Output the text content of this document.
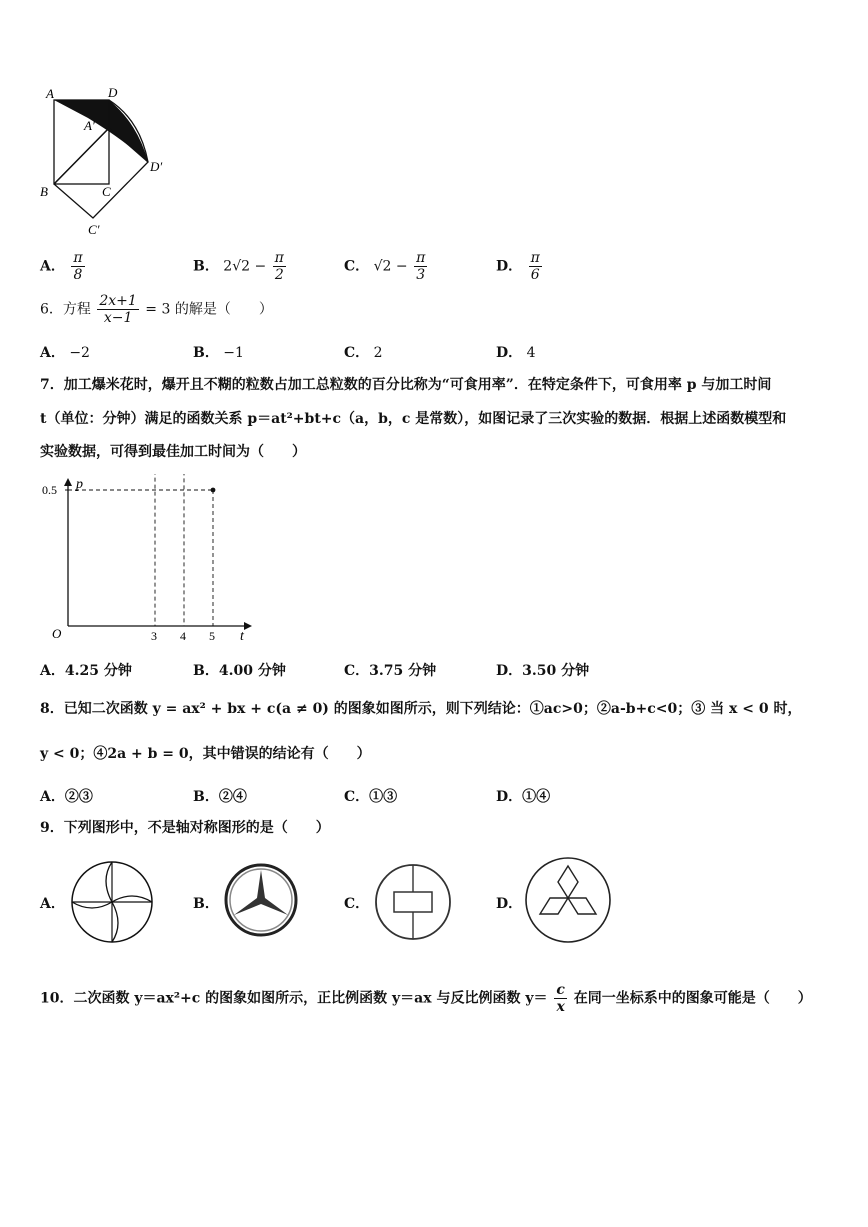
A	D
A′
D′
B	C
C′
A． $\frac{\pi}{8}$	B． $2√2 - \frac{\pi}{2}$	C． $√2 - \frac{\pi}{3}$	D． $\frac{\pi}{6}$
6．方程 $\frac{2x+1}{x-1} = 3$ 的解是（　　）
A． −2	B． −1	C． 2	D． 4
7．加工爆米花时，爆开且不糊的粒数占加工总粒数的百分比称为“可食用率”．在特定条件下，可食用率 p 与加工时间
t（单位：分钟）满足的函数关系 p＝at²+bt+c（a，b，c 是常数），如图记录了三次实验的数据．根据上述函数模型和
实验数据，可得到最佳加工时间为（　　）
t
p
O	3 4 5
0.5
A．4.25 分钟	B．4.00 分钟	C．3.75 分钟	D．3.50 分钟
8．已知二次函数 y = ax² + bx + c(a ≠ 0) 的图象如图所示，则下列结论：①ac>0；②a-b+c<0；③ 当 x < 0 时，
y < 0；④2a + b = 0，其中错误的结论有（　　）
A．②③	B．②④	C．①③	D．①④
9．下列图形中，不是轴对称图形的是（　　）
A．	B．	C．	D．
10．二次函数 y＝ax²+c 的图象如图所示，正比例函数 y＝ax 与反比例函数 $y= \frac{c}{x}$ 在同一坐标系中的图象可能是（　　）
